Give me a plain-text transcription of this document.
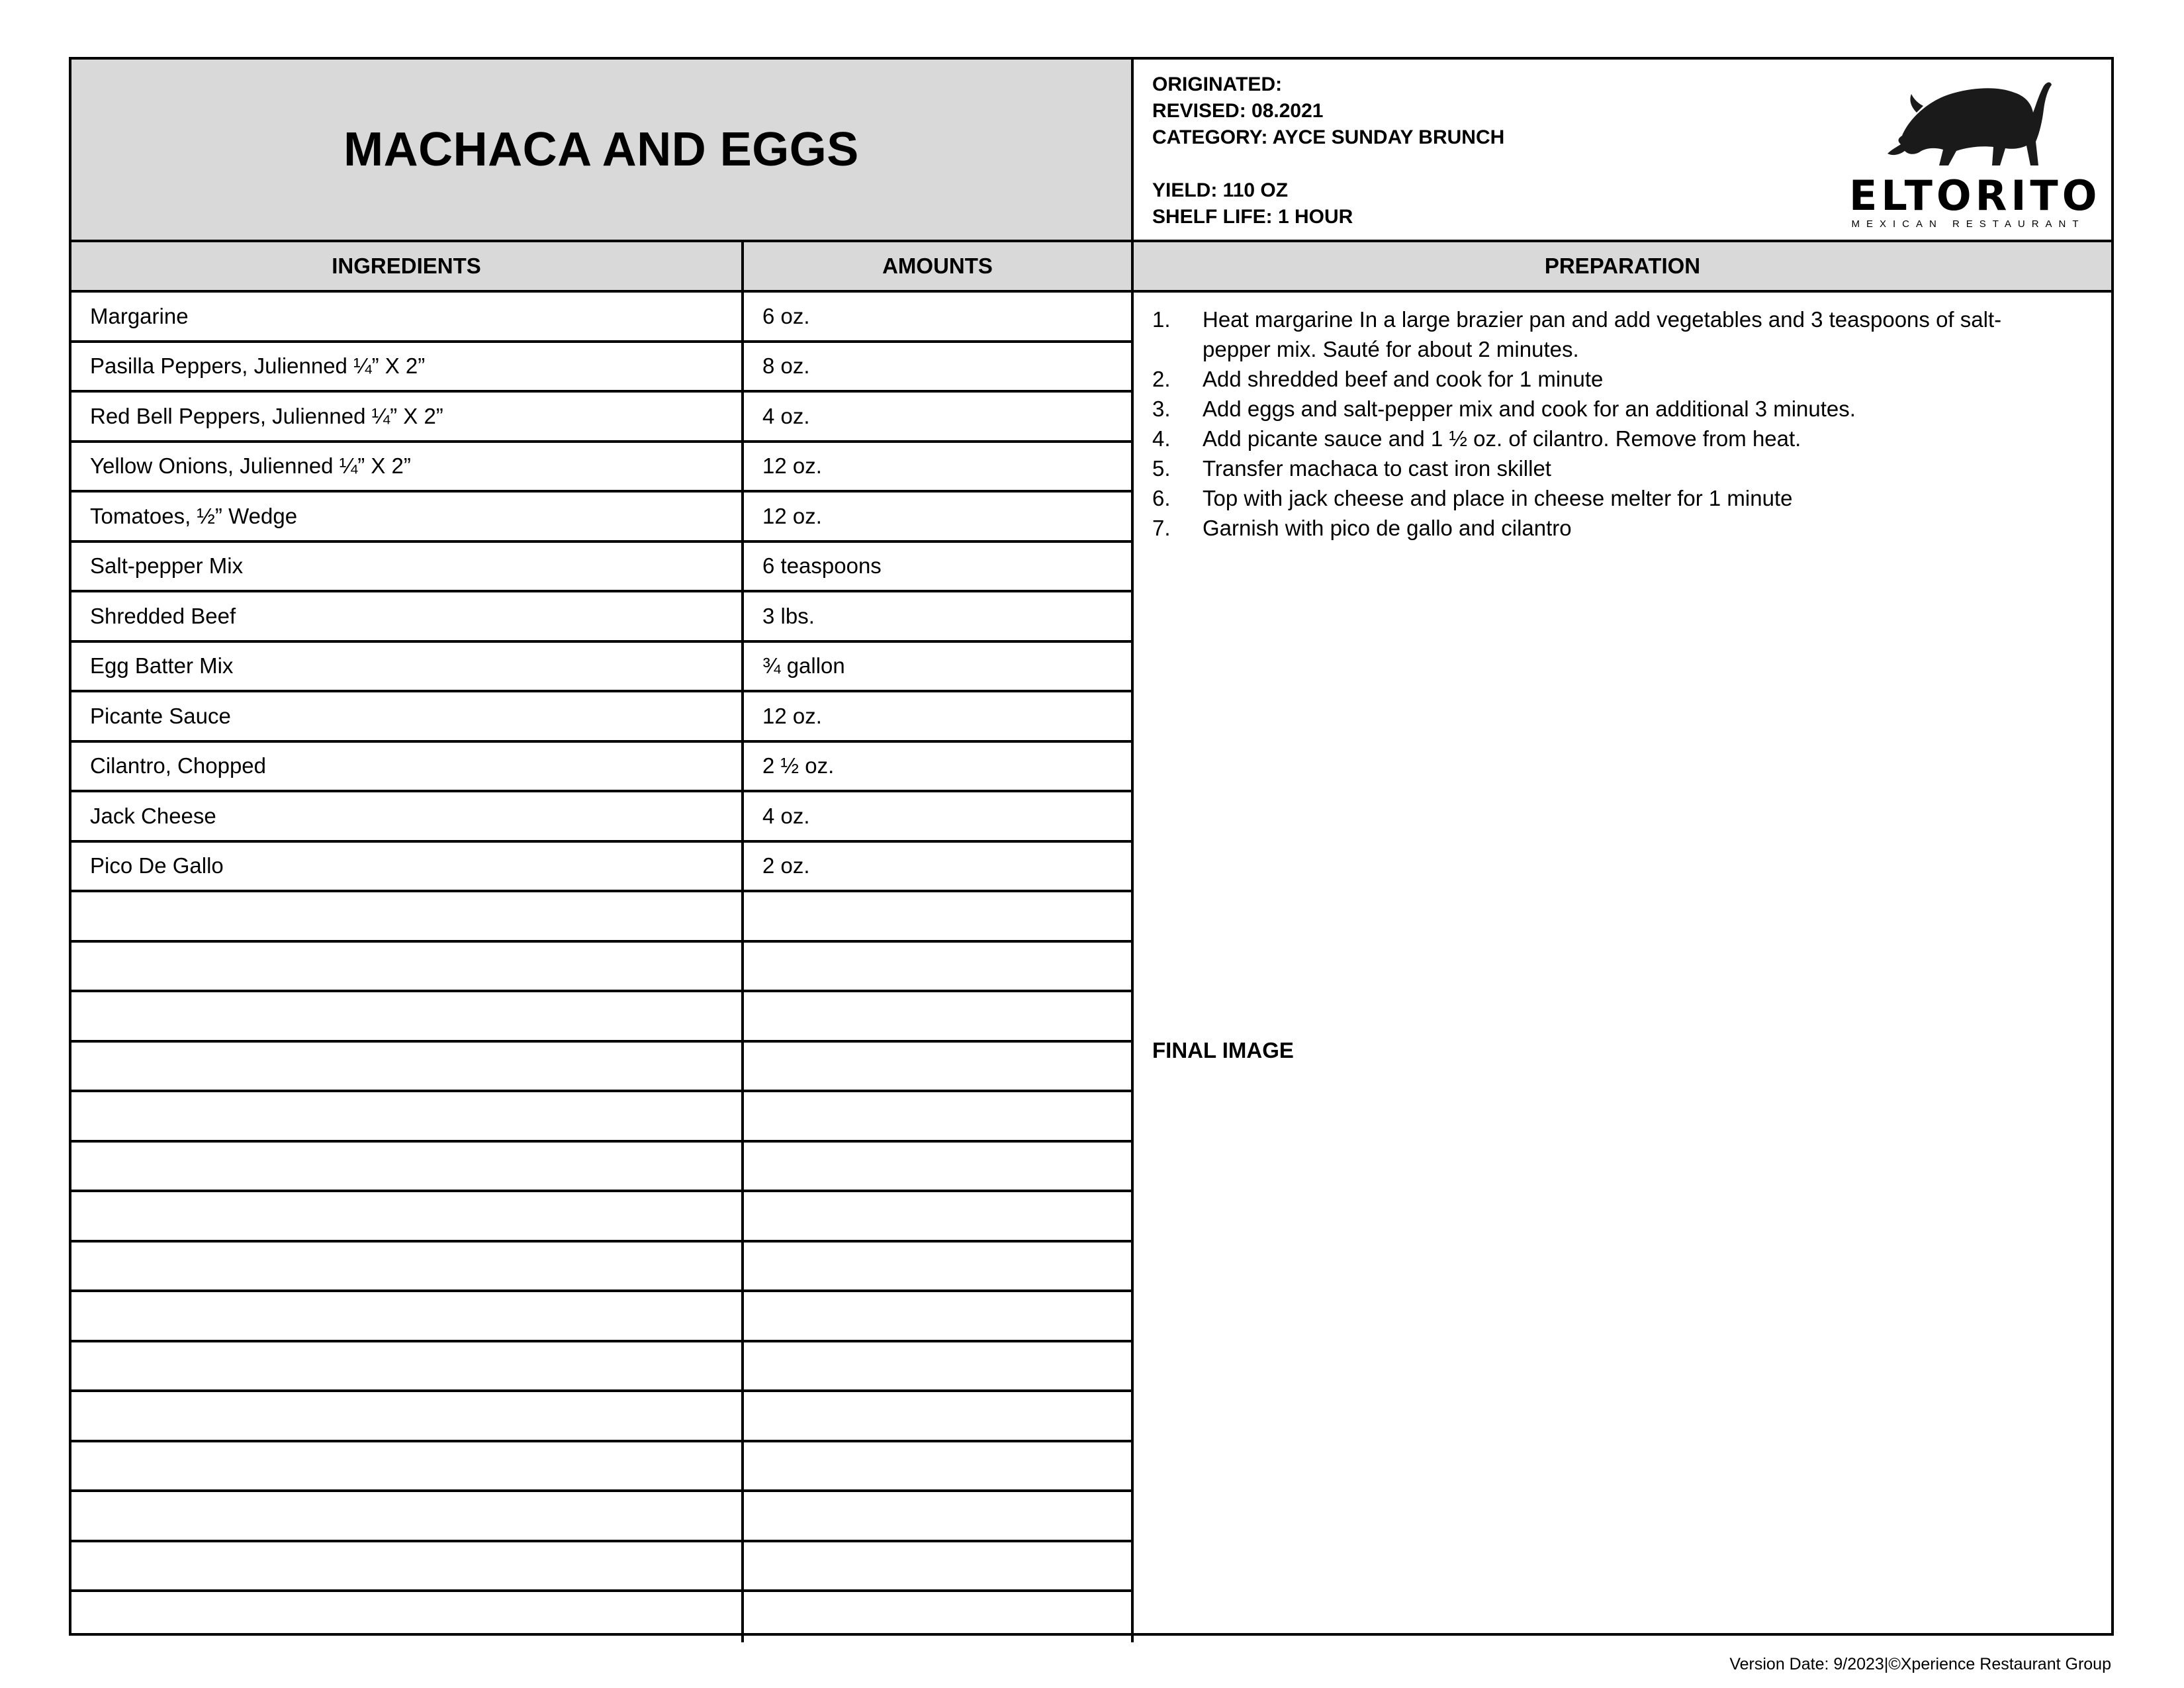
MACHACA AND EGGS
ORIGINATED:
REVISED: 08.2021
CATEGORY: AYCE SUNDAY BRUNCH
YIELD: 110 OZ
SHELF LIFE: 1 HOUR	ELTORITO
MEXICAN RESTAURANT
INGREDIENTS	AMOUNTS	PREPARATION
Margarine	6 oz.
Pasilla Peppers, Julienned ¼” X 2”	8 oz.
Red Bell Peppers, Julienned ¼” X 2”	4 oz.
Yellow Onions, Julienned ¼” X 2”	12 oz.
Tomatoes, ½” Wedge	12 oz.
Salt-pepper Mix	6 teaspoons
Shredded Beef	3 lbs.
Egg Batter Mix	¾ gallon
Picante Sauce	12 oz.
Cilantro, Chopped	2 ½ oz.
Jack Cheese	4 oz.
Pico De Gallo	2 oz.
1.	Heat margarine In a large brazier pan and add vegetables and 3 teaspoons of salt-pepper mix. Sauté for about 2 minutes.
2.	Add shredded beef and cook for 1 minute
3.	Add eggs and salt-pepper mix and cook for an additional 3 minutes.
4.	Add picante sauce and 1 ½ oz. of cilantro. Remove from heat.
5.	Transfer machaca to cast iron skillet
6.	Top with jack cheese and place in cheese melter for 1 minute
7.	Garnish with pico de gallo and cilantro
FINAL IMAGE
Version Date: 9/2023|©Xperience Restaurant Group
